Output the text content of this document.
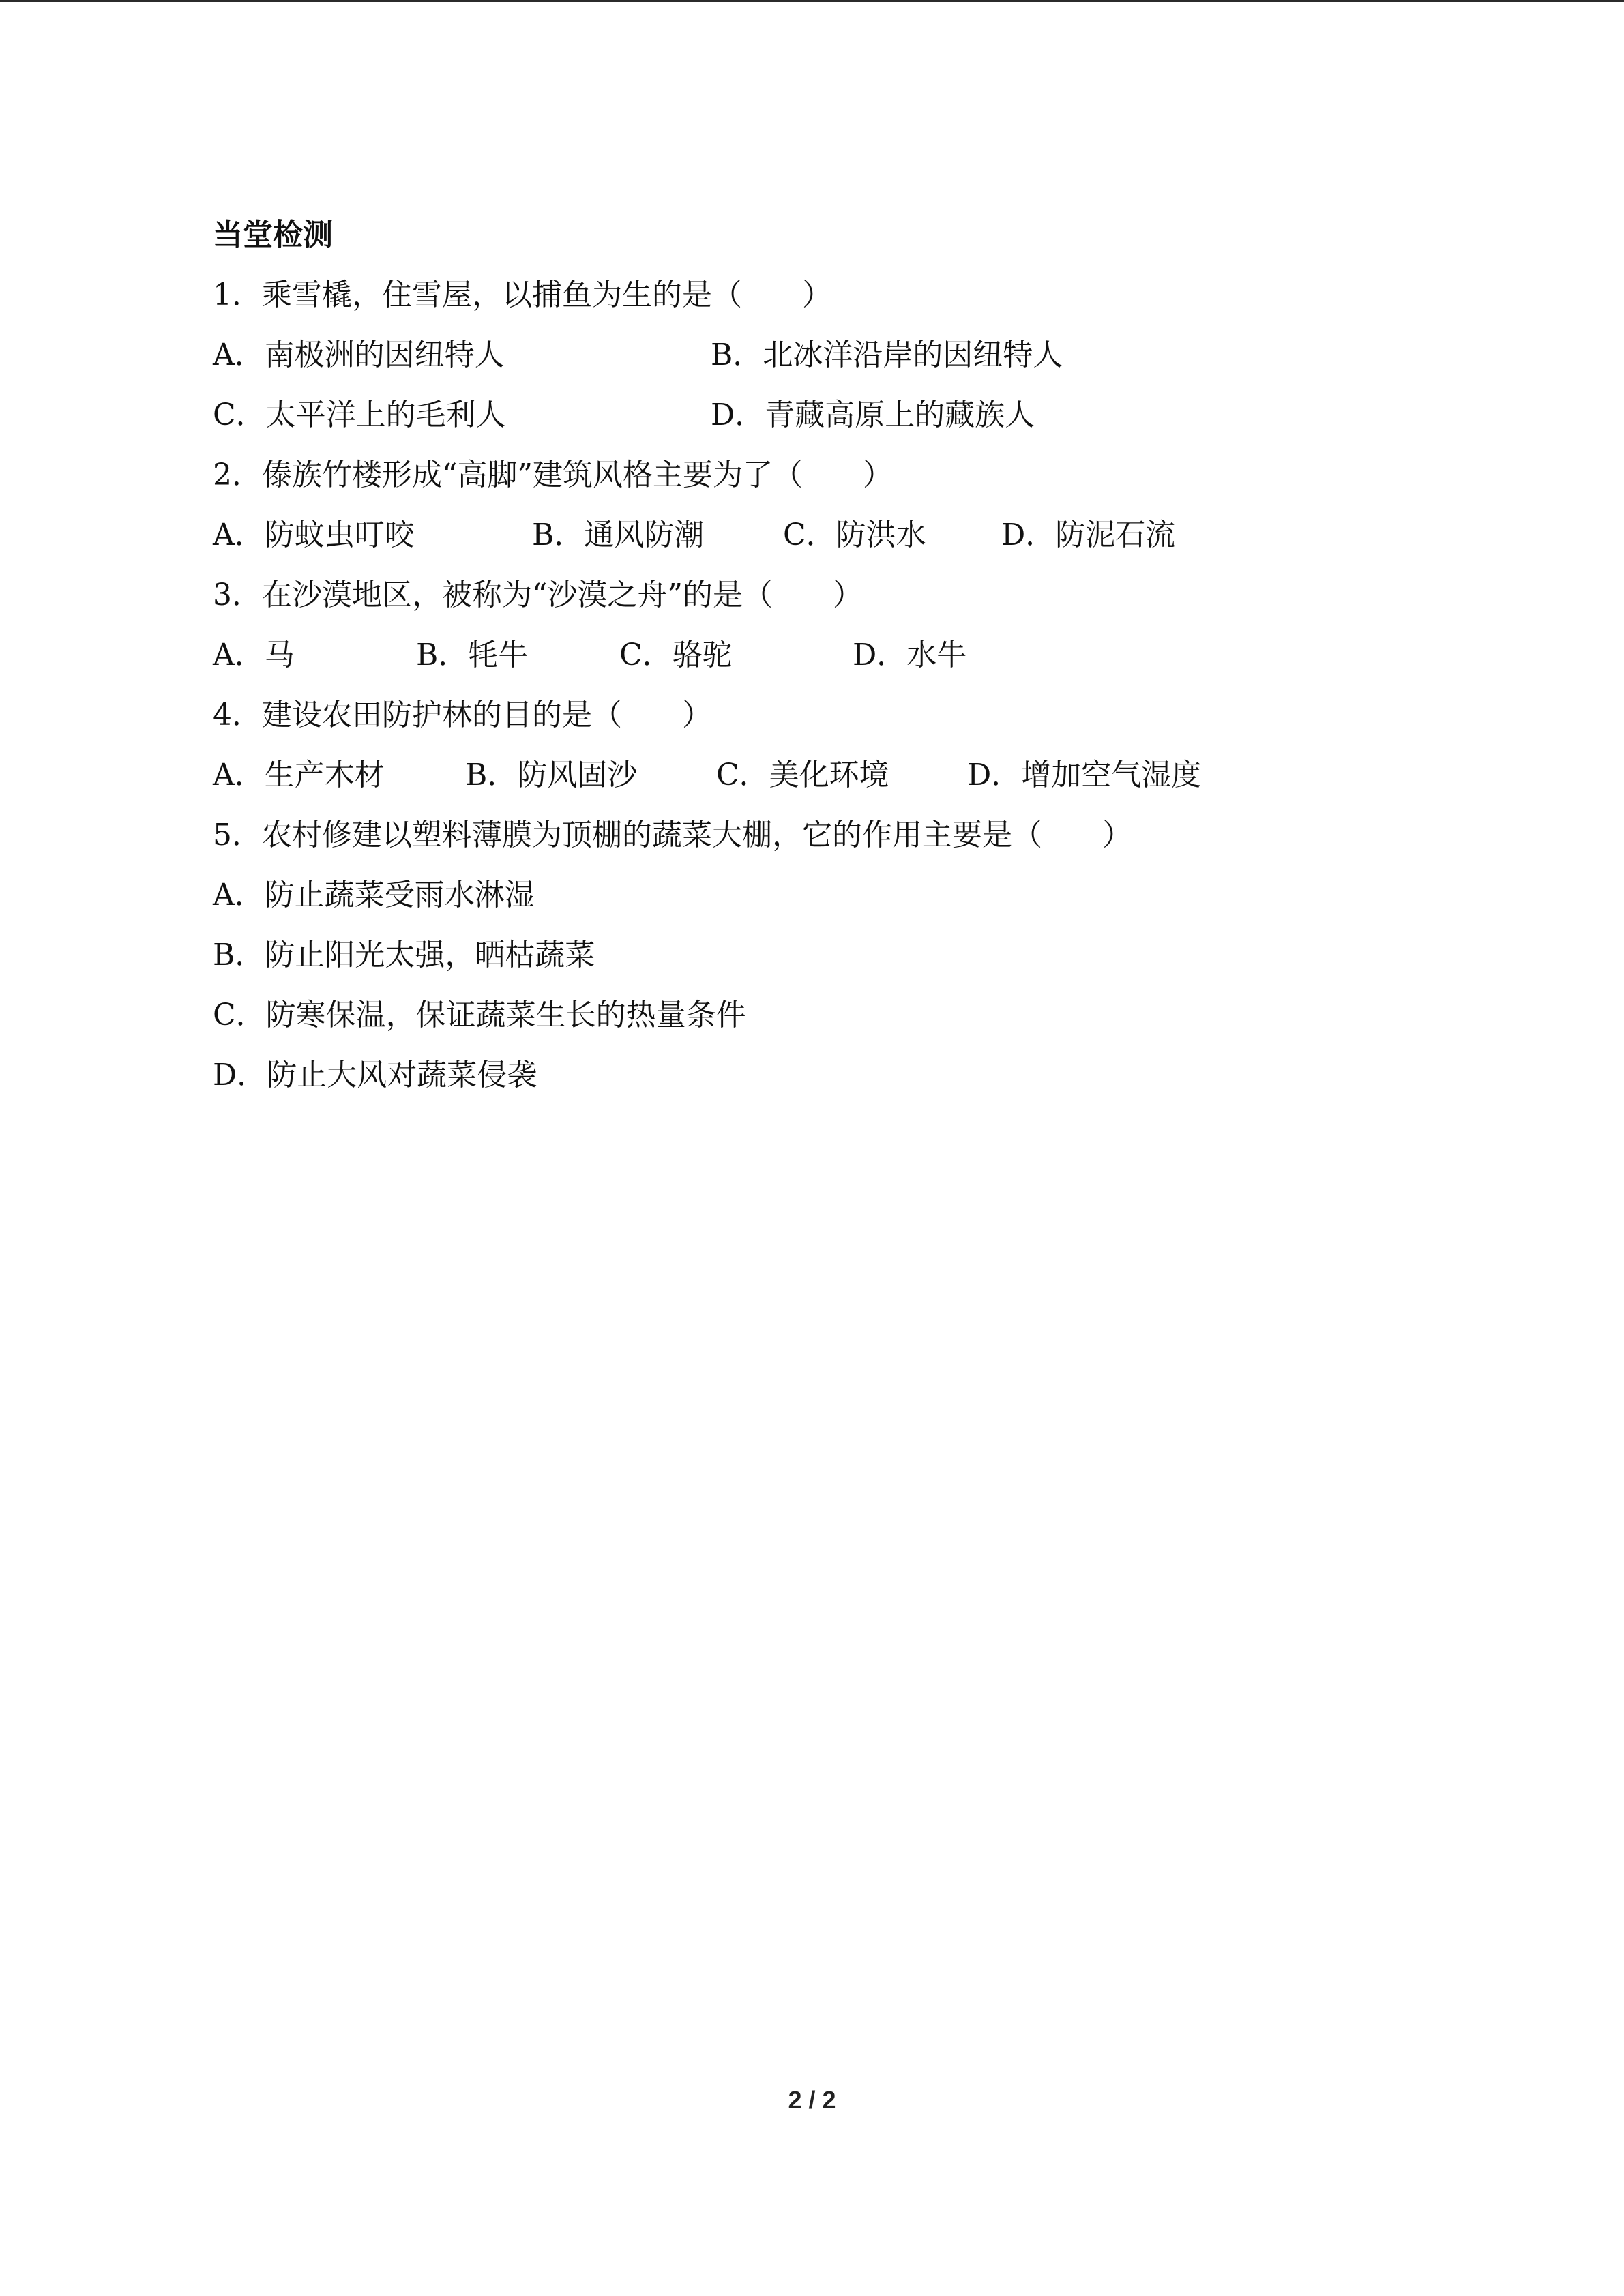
当堂检测
1．乘雪橇，住雪屋，以捕鱼为生的是（　　）

A．南极洲的因纽特人

	B．北冰洋沿岸的因纽特人

C．太平洋上的毛利人

	D．青藏高原上的藏族人

2．傣族竹楼形成“高脚”建筑风格主要为了（　　）

A．防蚊虫叮咬

	B．通风防潮

	C．防洪水

	D．防泥石流

3．在沙漠地区，被称为“沙漠之舟”的是（　　）

A．马

	B．牦牛

	C．骆驼

	D．水牛

4．建设农田防护林的目的是（　　）

A．生产木材

	B．防风固沙

	C．美化环境

	D．增加空气湿度

5．农村修建以塑料薄膜为顶棚的蔬菜大棚，它的作用主要是（　　）
A．防止蔬菜受雨水淋湿
B．防止阳光太强，晒枯蔬菜
C．防寒保温，保证蔬菜生长的热量条件
D．防止大风对蔬菜侵袭
2 / 2
